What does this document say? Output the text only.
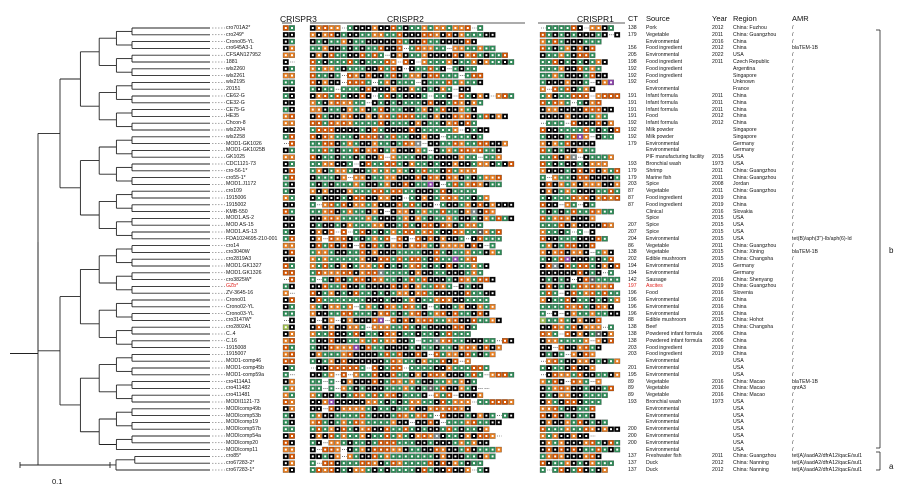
CRISPR3	CRISPR2	CRISPR1 CT Source	Year Region	AMR
cro701A2*	138 Pork	2012 China: Fuzhou	/
cro249*	179 Vegetable	2011 China: Guangzhou	/
Crono05-YL	Environmental	2016 China	/
cro645A3-1	156 Food ingredient	2012 China	blaTEM-1B
CFSAN127952	205 Environmental	2022 USA	/
1881	198 Food ingredient	2011 Czech Republic	/
wls2260	192 Food ingredient	Argentina	/
wls2261	192 Food ingredient	Singapore	/
wls2195	192 Food	Unknown	/
20151	Environmental	France	/
CE62-G	191 Infant formula	2011 China	/
CE32-G	191 Infant formula	2011 China	/
CE75-G	191 Infant formula	2011 China	/
HE35	191 Food	2012 China	/
Chcon-8	192 Infant formula	2012 China	/
wls2204	192 Milk powder	Singapore	/
wls2258	192 Milk powder	Singapore	/
MOD1-GK1026	179 Environmental	Germany	/
MOD1-GK1025B	Environmental	Germany	/
GK1025	PIF manufacturing facility 2015 USA	/
CDC1121-73	193 Bronchial wash	1973 USA	/
cro-56-1*	179 Shrimp	2011 China: Guangzhou	/
cro55-1*	179 Marine fish	2011 China: Guangzhou	/
MOD1.J1172	203 Spice	2008 Jordan	/
cro109	87 Vegetable	2011 China: Guangzhou	/
1915006	87 Food ingredient	2019 China	/
1915002	87 Food ingredient	2019 China	/
KMB-550	Clinical	2016 Slovakia	/
MOD1.AS-2	Spice	2015 USA	/
MOD AS-15	207 Spice	2015 USA	/
MOD1.AS-13	207 Spice	2015 USA	/
FDA1024695-210-001	204 Environmental	2015 USA	tet(B)/aph(3'')-Ib/aph(6)-Id
cro14	86 Vegetable	2011 China: Guangzhou	/
cro3040W	138 Vegetable	2015 China: Xining	blaTEM-1B
cro2819A3	202 Edible mushroom	2015 China: Changsha	/
MOD1.GK1327	194 Environmental	2015 Germany	/
MOD1.GK1326	194 Environmental	Germany	/
cro3825W*	142 Sausage	2016 China: Shenyang	/
GZb*	197 Ascites	2019 China: Guangzhou	/
ZV-3645-16	196 Food	2016 Slovenia	/
Crono01	196 Environmental	2016 China	/
Crono02-YL	196 Environmental	2016 China	/
Crono03-YL	196 Environmental	2016 China	/
cro3147W*	88 Edible mushroom	2015 China: Hohot	/
cro2802A1	138 Beef	2015 China: Changsha	/
C..4	138 Powdered infant formula 2006 China	/
C.16	138 Powdered infant formula 2006 China	/
1915008	203 Food ingredient	2019 China	/
1915007	203 Food ingredient	2019 China	/
MOD1-comp46	Environmental	USA	/
MOD1-comp45b	201 Environmental	USA	/
MOD1-comp59a	195 Environmental	USA	/
cro4114A1	89 Vegetable	2016 China: Macao	blaTEM-1B
cro411482	89 Vegetable	2016 China: Macao	qnrA3
cro411481	89 Vegetable	2016 China: Macao	/
MODII1121-73	193 Bronchial wash	1973 USA	/
MODIcomp49b	Environmental	USA	/
MODIcomp53b	Environmental	USA	/
MODIcomp19	Environmental	USA	/
MODIcomp57b	200 Environmental	USA	/
MODIcomp54a	200 Environmental	USA	/
MODIcomp20	200 Environmental	USA	/
MODIcomp11	Environmental	USA	/
cro85*	137 Freshwater fish	2011 China: Guangzhou	tet(A)/aadA2/dfrA12/qacE/sul1
cro67283-2*	137 Duck	2012 China: Nanning	tet(A)/aadA2/dfrA12/qacE/sul1
cro67283-1*	137 Duck	2012 China: Nanning	tet(A)/aadA2/dfrA12/qacE/sul1
b
a
0.1
